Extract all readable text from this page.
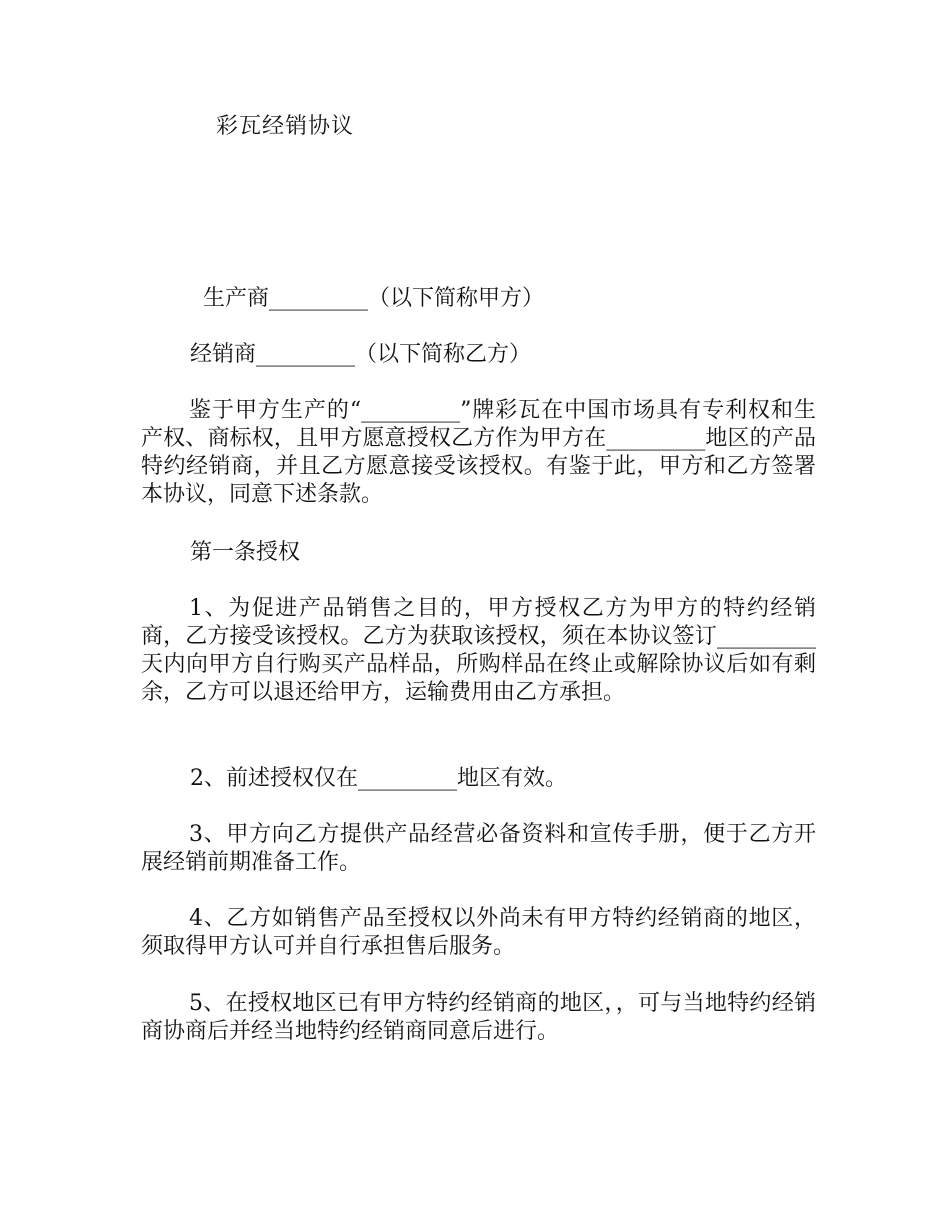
彩瓦经销协议
生产商_________（以下简称甲方）
经销商_________（以下简称乙方）
鉴于甲方生产的“_________”牌彩瓦在中国市场具有专利权和生产权、商标权，且甲方愿意授权乙方作为甲方在_________地区的产品特约经销商，并且乙方愿意接受该授权。有鉴于此，甲方和乙方签署本协议，同意下述条款。
第一条授权
1、为促进产品销售之目的，甲方授权乙方为甲方的特约经销商，乙方接受该授权。乙方为获取该授权，须在本协议签订_________天内向甲方自行购买产品样品，所购样品在终止或解除协议后如有剩余，乙方可以退还给甲方，运输费用由乙方承担。
2、前述授权仅在_________地区有效。
3、甲方向乙方提供产品经营必备资料和宣传手册，便于乙方开展经销前期准备工作。
4、乙方如销售产品至授权以外尚未有甲方特约经销商的地区，须取得甲方认可并自行承担售后服务。
5、在授权地区已有甲方特约经销商的地区，，可与当地特约经销商协商后并经当地特约经销商同意后进行。
